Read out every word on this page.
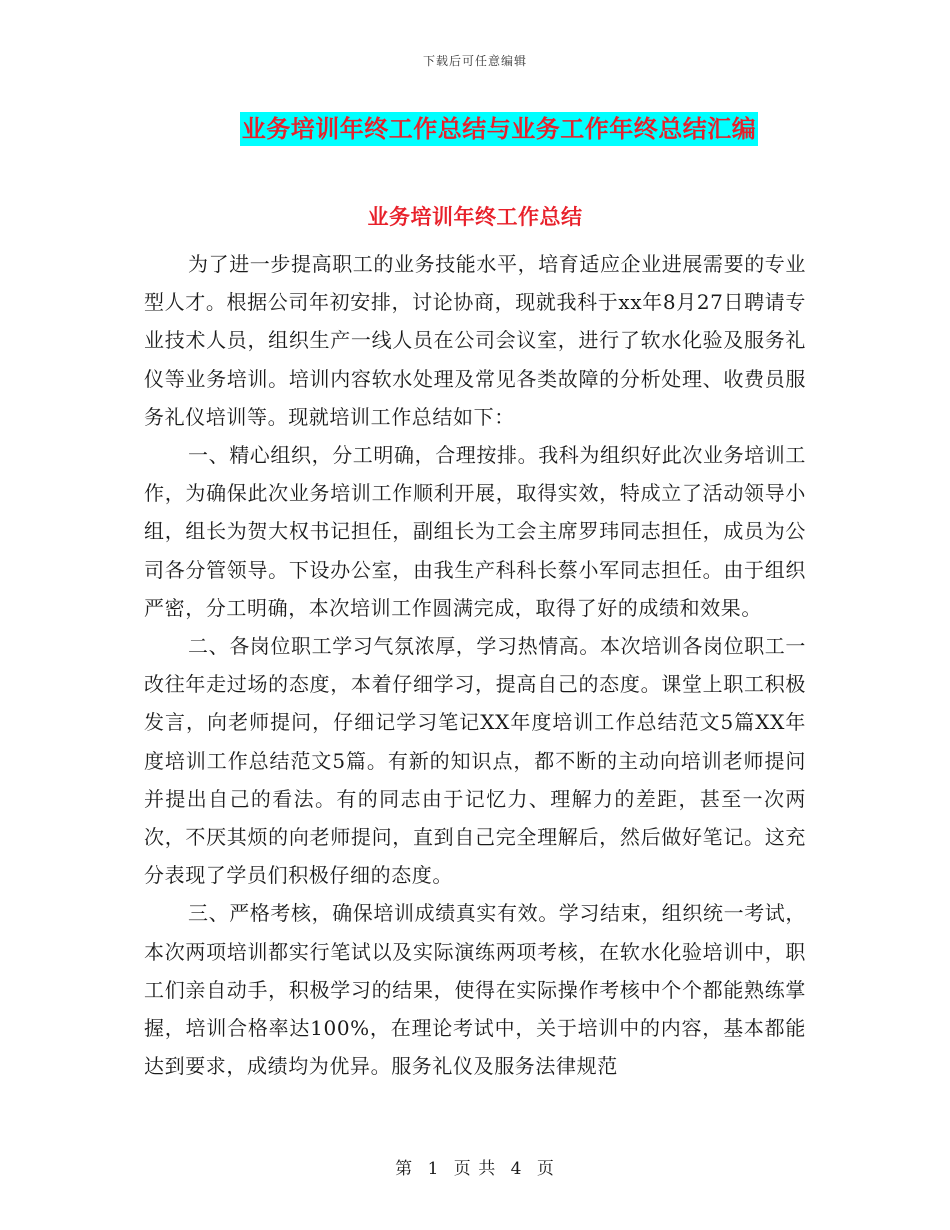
下载后可任意编辑
业务培训年终工作总结与业务工作年终总结汇编
业务培训年终工作总结

为了进一步提高职工的业务技能水平，培育适应企业进展需要的专业型人才。根据公司年初安排，讨论协商，现就我科于xx年8月27日聘请专业技术人员，组织生产一线人员在公司会议室，进行了软水化验及服务礼仪等业务培训。培训内容软水处理及常见各类故障的分析处理、收费员服务礼仪培训等。现就培训工作总结如下：

一、精心组织，分工明确，合理按排。我科为组织好此次业务培训工作，为确保此次业务培训工作顺利开展，取得实效，特成立了活动领导小组，组长为贺大权书记担任，副组长为工会主席罗玮同志担任，成员为公司各分管领导。下设办公室，由我生产科科长蔡小军同志担任。由于组织严密，分工明确，本次培训工作圆满完成，取得了好的成绩和效果。

二、各岗位职工学习气氛浓厚，学习热情高。本次培训各岗位职工一改往年走过场的态度，本着仔细学习，提高自己的态度。课堂上职工积极发言，向老师提问，仔细记学习笔记XX年度培训工作总结范文5篇XX年度培训工作总结范文5篇。有新的知识点，都不断的主动向培训老师提问并提出自己的看法。有的同志由于记忆力、理解力的差距，甚至一次两次，不厌其烦的向老师提问，直到自己完全理解后，然后做好笔记。这充分表现了学员们积极仔细的态度。

三、严格考核，确保培训成绩真实有效。学习结束，组织统一考试，本次两项培训都实行笔试以及实际演练两项考核，在软水化验培训中，职工们亲自动手，积极学习的结果，使得在实际操作考核中个个都能熟练掌握，培训合格率达100%，在理论考试中，关于培训中的内容，基本都能达到要求，成绩均为优异。服务礼仪及服务法律规范

第 1 页 共 4 页
